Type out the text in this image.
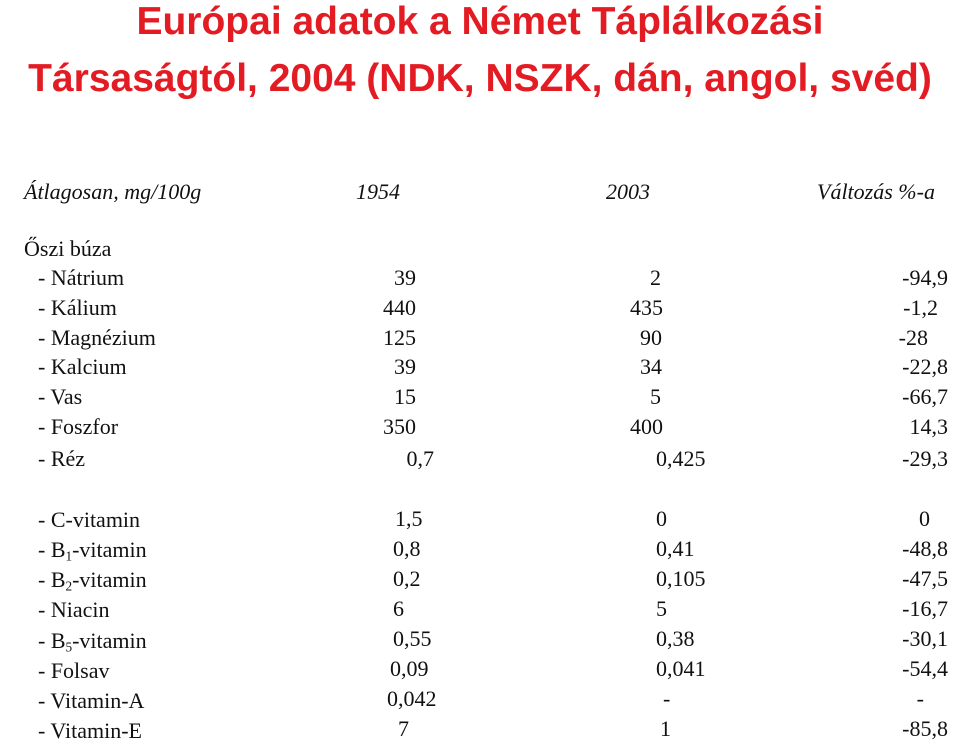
Európai adatok a Német Táplálkozási
Társaságtól, 2004 (NDK, NSZK, dán, angol, svéd)
Átlagosan, mg/100g	1954	2003	Változás %-a
Őszi búza
- Nátrium	39	2	-94,9
- Kálium	440	435	-1,2
- Magnézium	125	90	-28
- Kalcium	39	34	-22,8
- Vas	15	5	-66,7
- Foszfor	350	400	14,3
- Réz	0,7	0,425	-29,3
- C-vitamin	1,5	0	0
- $B_1$-vitamin	0,8	0,41	-48,8
- $B_2$-vitamin	0,2	0,105	-47,5
- Niacin	6	5	-16,7
- $B_5$-vitamin	0,55	0,38	-30,1
- Folsav	0,09	0,041	-54,4
- Vitamin-A	0,042	-	-
- Vitamin-E	7	1	-85,8
